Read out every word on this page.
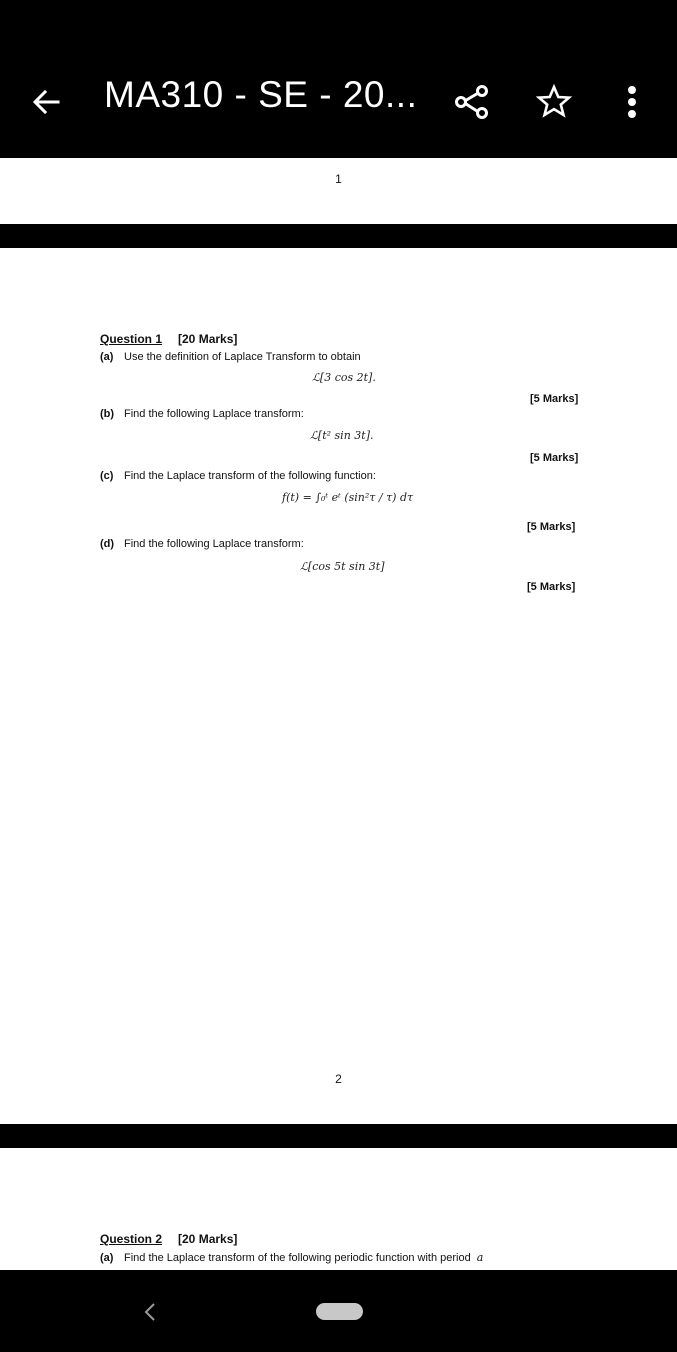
MA310 - SE - 20...
1
Question 1 [20 Marks]
(a) Use the definition of Laplace Transform to obtain
ℒ[3 cos 2t].
[5 Marks]
(b) Find the following Laplace transform:
ℒ[t² sin 3t].
[5 Marks]
(c) Find the Laplace transform of the following function:
f(t) = ∫₀ᵗ eᵗ (sin²τ / τ) dτ
[5 Marks]
(d) Find the following Laplace transform:
ℒ[cos 5t sin 3t]
[5 Marks]
2
Question 2 [20 Marks]
(a) Find the Laplace transform of the following periodic function with period a
